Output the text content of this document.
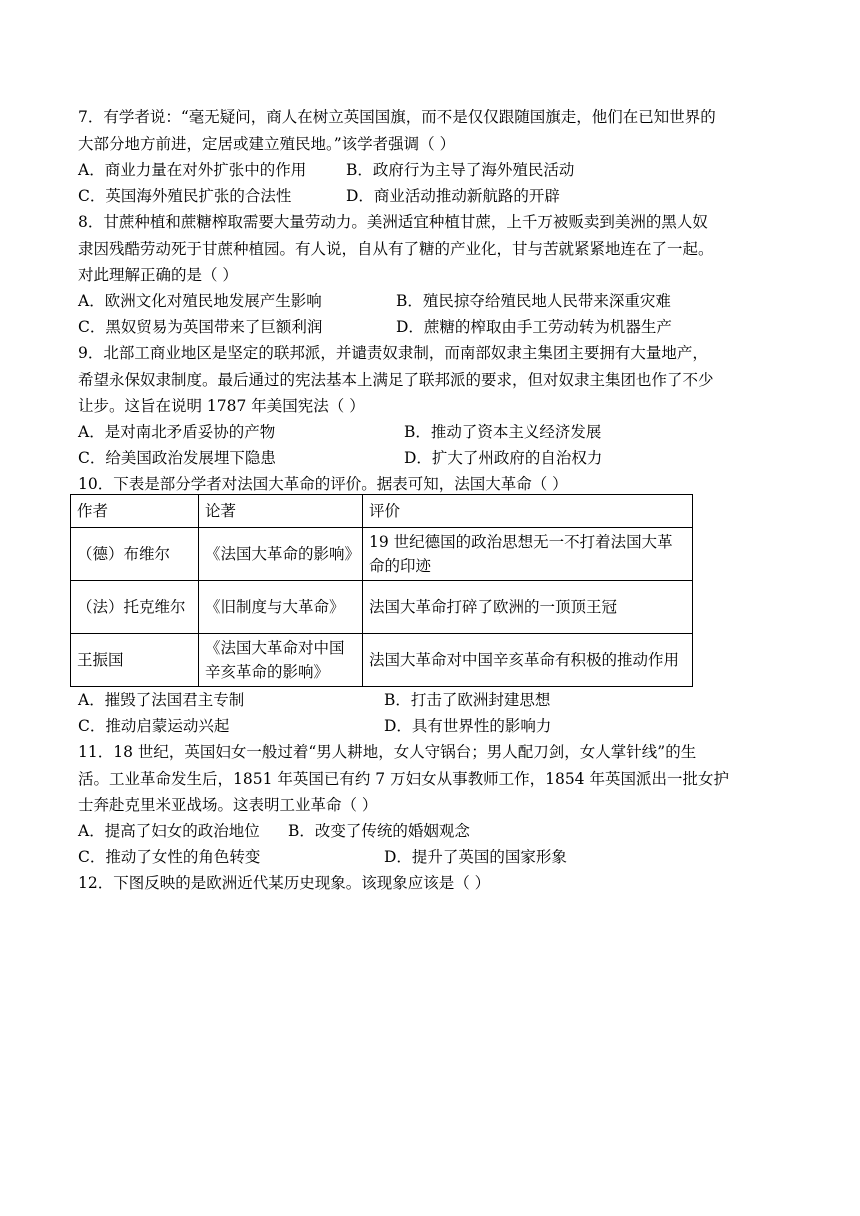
7．有学者说：“毫无疑问，商人在树立英国国旗，而不是仅仅跟随国旗走，他们在已知世界的
大部分地方前进，定居或建立殖民地。”该学者强调（ ）
A．商业力量在对外扩张中的作用	B．政府行为主导了海外殖民活动
C．英国海外殖民扩张的合法性	D．商业活动推动新航路的开辟
8．甘蔗种植和蔗糖榨取需要大量劳动力。美洲适宜种植甘蔗，上千万被贩卖到美洲的黑人奴
隶因残酷劳动死于甘蔗种植园。有人说，自从有了糖的产业化，甘与苦就紧紧地连在了一起。
对此理解正确的是（ ）
A．欧洲文化对殖民地发展产生影响	B．殖民掠夺给殖民地人民带来深重灾难
C．黑奴贸易为英国带来了巨额利润	D．蔗糖的榨取由手工劳动转为机器生产
9．北部工商业地区是坚定的联邦派，并谴责奴隶制，而南部奴隶主集团主要拥有大量地产，
希望永保奴隶制度。最后通过的宪法基本上满足了联邦派的要求，但对奴隶主集团也作了不少
让步。这旨在说明 1787 年美国宪法（ ）
A．是对南北矛盾妥协的产物	B．推动了资本主义经济发展
C．给美国政治发展埋下隐患	D．扩大了州政府的自治权力
10．下表是部分学者对法国大革命的评价。据表可知，法国大革命（ ）
作者	论著	评价
（德）布维尔	《法国大革命的影响》	19 世纪德国的政治思想无一不打着法国大革命的印迹
（法）托克维尔	《旧制度与大革命》	法国大革命打碎了欧洲的一顶顶王冠
王振国	《法国大革命对中国辛亥革命的影响》	法国大革命对中国辛亥革命有积极的推动作用
A．摧毁了法国君主专制	B．打击了欧洲封建思想
C．推动启蒙运动兴起	D．具有世界性的影响力
11．18 世纪，英国妇女一般过着“男人耕地，女人守锅台；男人配刀剑，女人掌针线”的生
活。工业革命发生后，1851 年英国已有约 7 万妇女从事教师工作，1854 年英国派出一批女护
士奔赴克里米亚战场。这表明工业革命（ ）
A．提高了妇女的政治地位 B．改变了传统的婚姻观念
C．推动了女性的角色转变	D．提升了英国的国家形象
12．下图反映的是欧洲近代某历史现象。该现象应该是（ ）
